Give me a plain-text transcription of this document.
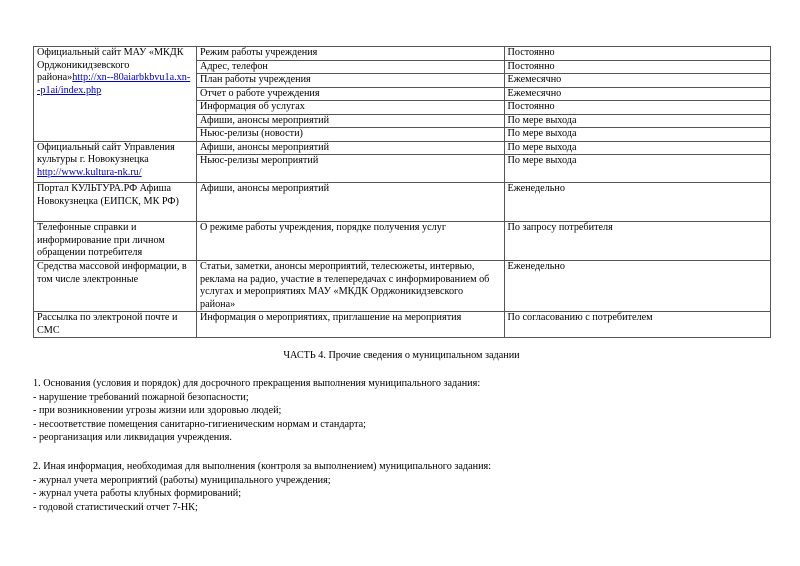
Официальный сайт МАУ «МКДК Орджоникидзевского района»http://xn--80aiarbkbvu1a.xn--p1ai/index.php	
Режим работы учреждения	Постоянно
Адрес, телефон	Постоянно
План работы учреждения	Ежемесячно
Отчет о работе учреждения	Ежемесячно
Информация об услугах	Постоянно
Афиши, анонсы мероприятий	По мере выхода
Ньюс-релизы (новости)	По мере выхода

Официальный сайт Управления культуры г. Новокузнецка
http://www.kultura-nk.ru/	
Афиши, анонсы мероприятий	По мере выхода
Ньюс-релизы мероприятий	По мере выхода

Портал КУЛЬТУРА.РФ Афиша Новокузнецка (ЕИПСК, МК РФ)	
Афиши, анонсы мероприятий	Еженедельно

Телефонные справки и информирование при личном обращении потребителя	
О режиме работы учреждения, порядке получения услуг	По запросу потребителя

Средства массовой информации, в том числе электронные	
Статьи, заметки, анонсы мероприятий, телесюжеты, интервью, реклама на радио, участие в телепередачах с информированием об услугах и мероприятиях МАУ «МКДК Орджоникидзевского района»	Еженедельно

Рассылка по электроной почте и СМС	
Информация о мероприятиях, приглашение на мероприятия	По согласованию с потребителем
ЧАСТЬ 4. Прочие сведения о муниципальном задании
1. Основания (условия и порядок) для досрочного прекращения выполнения муниципального задания:
- нарушение требований пожарной безопасности;
- при возникновении угрозы жизни или здоровью людей;
- несоответствие помещения санитарно-гигиеническим нормам и стандарта;
- реорганизация или ликвидация учреждения.
2. Иная информация, необходимая для выполнения (контроля за выполнением) муниципального задания:
- журнал учета мероприятий (работы) муниципального учреждения;
- журнал учета работы клубных формирований;
- годовой статистический отчет 7-НК;
